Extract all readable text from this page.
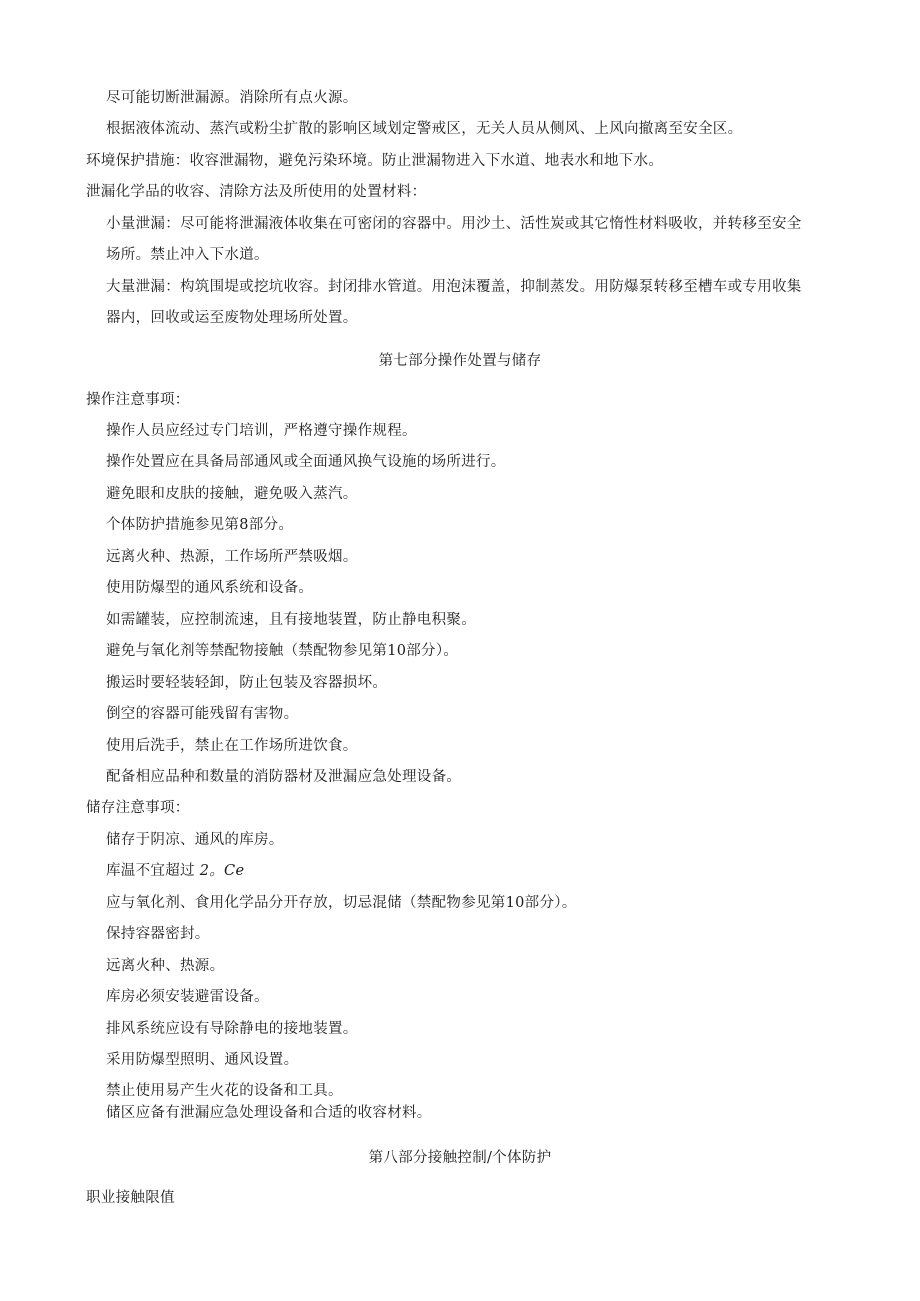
尽可能切断泄漏源。消除所有点火源。
根据液体流动、蒸汽或粉尘扩散的影响区域划定警戒区，无关人员从侧风、上风向撤离至安全区。
环境保护措施：收容泄漏物，避免污染环境。防止泄漏物进入下水道、地表水和地下水。
泄漏化学品的收容、清除方法及所使用的处置材料：
小量泄漏：尽可能将泄漏液体收集在可密闭的容器中。用沙土、活性炭或其它惰性材料吸收，并转移至安全
场所。禁止冲入下水道。
大量泄漏：构筑围堤或挖坑收容。封闭排水管道。用泡沫覆盖，抑制蒸发。用防爆泵转移至槽车或专用收集
器内，回收或运至废物处理场所处置。
第七部分操作处置与储存
操作注意事项：
操作人员应经过专门培训，严格遵守操作规程。
操作处置应在具备局部通风或全面通风换气设施的场所进行。
避免眼和皮肤的接触，避免吸入蒸汽。
个体防护措施参见第8部分。
远离火种、热源，工作场所严禁吸烟。
使用防爆型的通风系统和设备。
如需罐装，应控制流速，且有接地装置，防止静电积聚。
避免与氧化剂等禁配物接触（禁配物参见第10部分）。
搬运时要轻装轻卸，防止包装及容器损坏。
倒空的容器可能残留有害物。
使用后洗手，禁止在工作场所进饮食。
配备相应品种和数量的消防器材及泄漏应急处理设备。
储存注意事项：
储存于阴凉、通风的库房。
库温不宜超过 2。Ce
应与氧化剂、食用化学品分开存放，切忌混储（禁配物参见第10部分）。
保持容器密封。
远离火种、热源。
库房必须安装避雷设备。
排风系统应设有导除静电的接地装置。
采用防爆型照明、通风设置。
禁止使用易产生火花的设备和工具。
储区应备有泄漏应急处理设备和合适的收容材料。
第八部分接触控制/个体防护
职业接触限值
